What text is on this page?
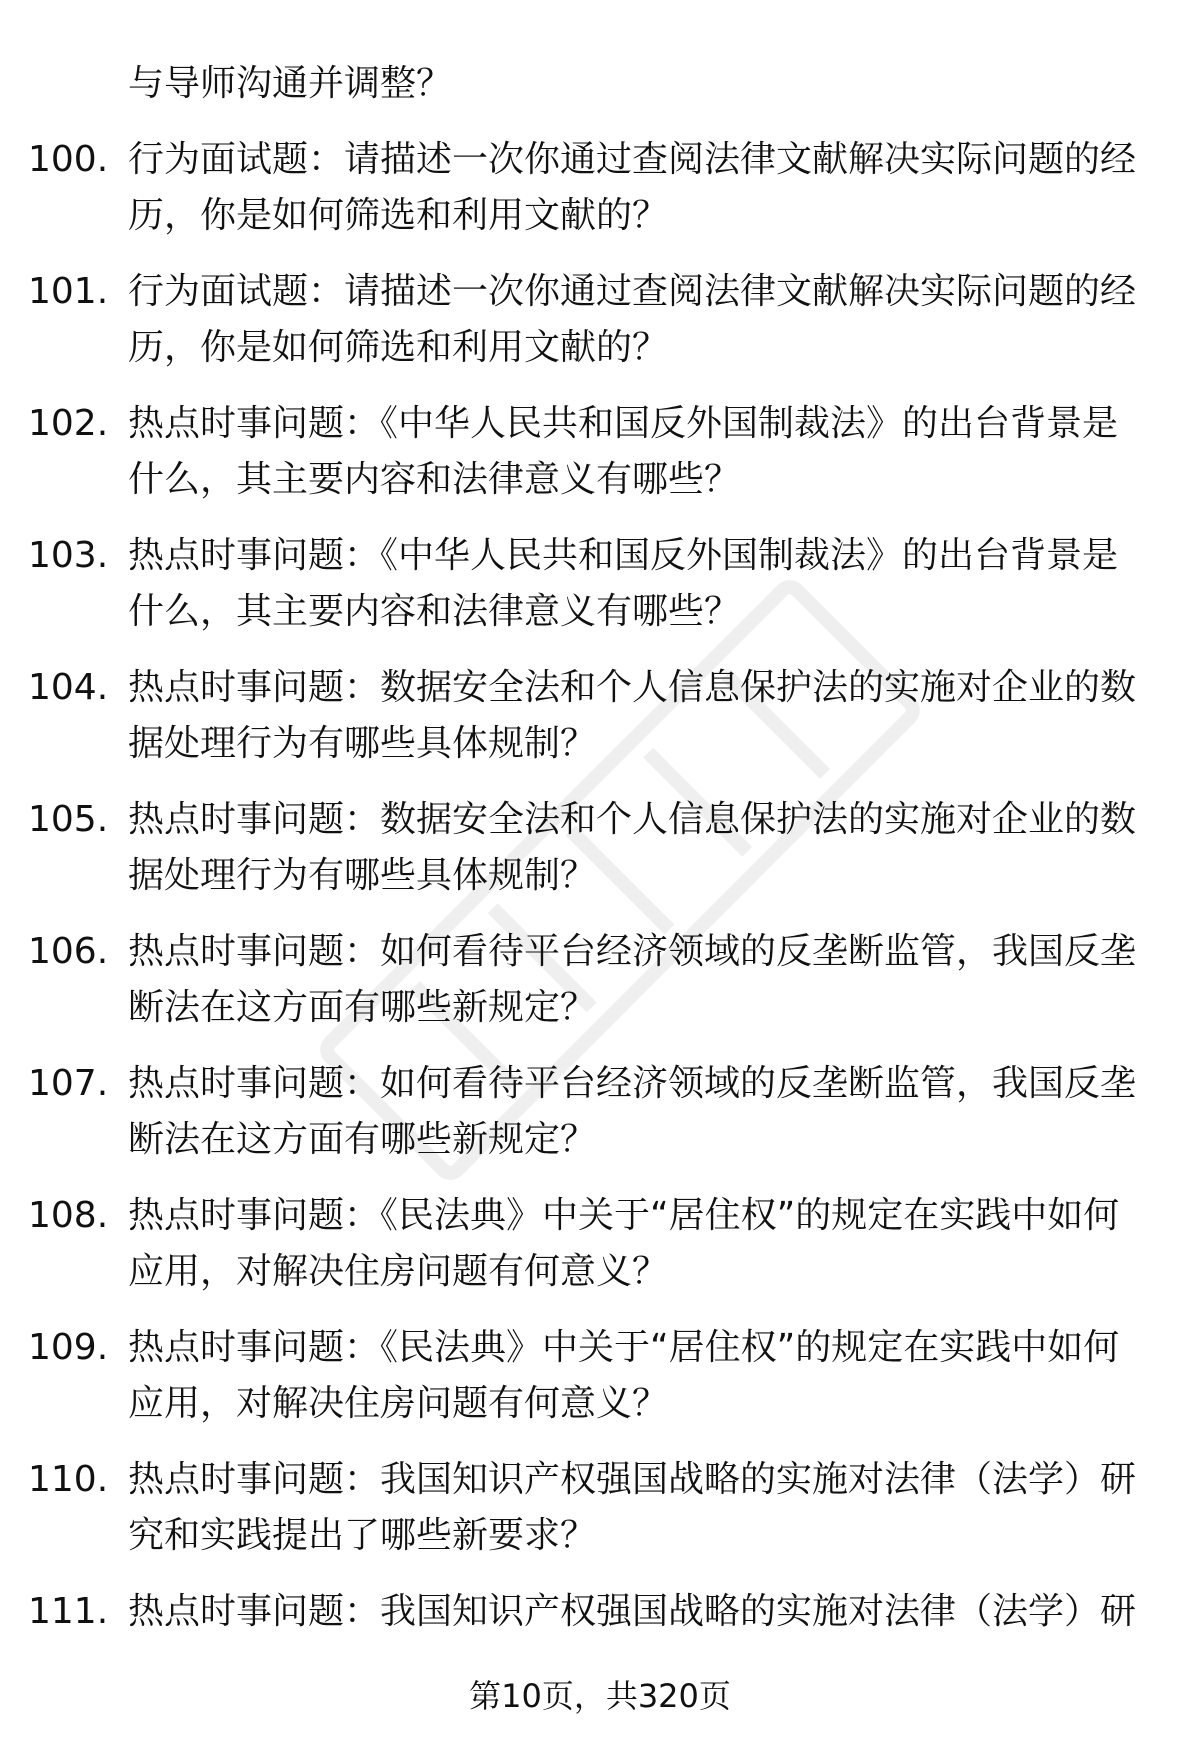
与导师沟通并调整？

100. 行为面试题：请描述一次你通过查阅法律文献解决实际问题的经历，你是如何筛选和利用文献的？
101. 行为面试题：请描述一次你通过查阅法律文献解决实际问题的经历，你是如何筛选和利用文献的？
102. 热点时事问题：《中华人民共和国反外国制裁法》的出台背景是什么，其主要内容和法律意义有哪些？
103. 热点时事问题：《中华人民共和国反外国制裁法》的出台背景是什么，其主要内容和法律意义有哪些？
104. 热点时事问题：数据安全法和个人信息保护法的实施对企业的数据处理行为有哪些具体规制？
105. 热点时事问题：数据安全法和个人信息保护法的实施对企业的数据处理行为有哪些具体规制？
106. 热点时事问题：如何看待平台经济领域的反垄断监管，我国反垄断法在这方面有哪些新规定？
107. 热点时事问题：如何看待平台经济领域的反垄断监管，我国反垄断法在这方面有哪些新规定？
108. 热点时事问题：《民法典》中关于“居住权”的规定在实践中如何应用，对解决住房问题有何意义？
109. 热点时事问题：《民法典》中关于“居住权”的规定在实践中如何应用，对解决住房问题有何意义？
110. 热点时事问题：我国知识产权强国战略的实施对法律（法学）研究和实践提出了哪些新要求？
111. 热点时事问题：我国知识产权强国战略的实施对法律（法学）研
第10页，共320页
